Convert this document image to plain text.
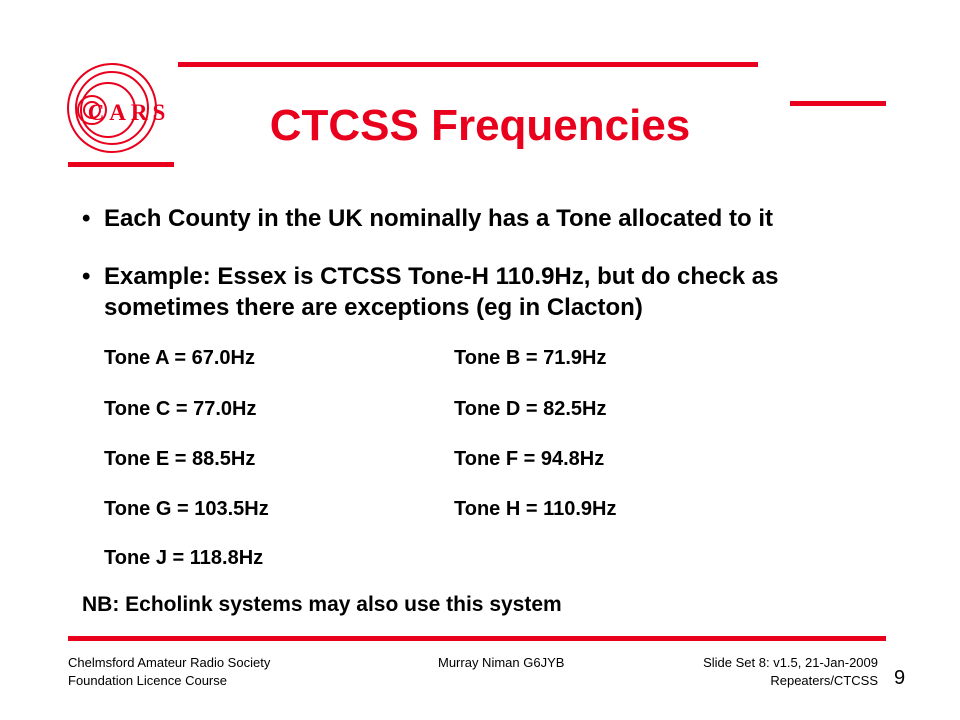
CARS	CTCSS Frequencies
• Each County in the UK nominally has a Tone allocated to it
• Example: Essex is CTCSS Tone-H 110.9Hz, but do check as sometimes there are exceptions (eg in Clacton)
Tone A = 67.0Hz	Tone B = 71.9Hz
Tone C = 77.0Hz	Tone D = 82.5Hz
Tone E = 88.5Hz	Tone F = 94.8Hz
Tone G = 103.5Hz	Tone H = 110.9Hz
Tone J = 118.8Hz
NB: Echolink systems may also use this system
Chelmsford Amateur Radio Society
Foundation Licence Course
Murray Niman G6JYB	Slide Set 8: v1.5, 21-Jan-2009
Repeaters/CTCSS 9
